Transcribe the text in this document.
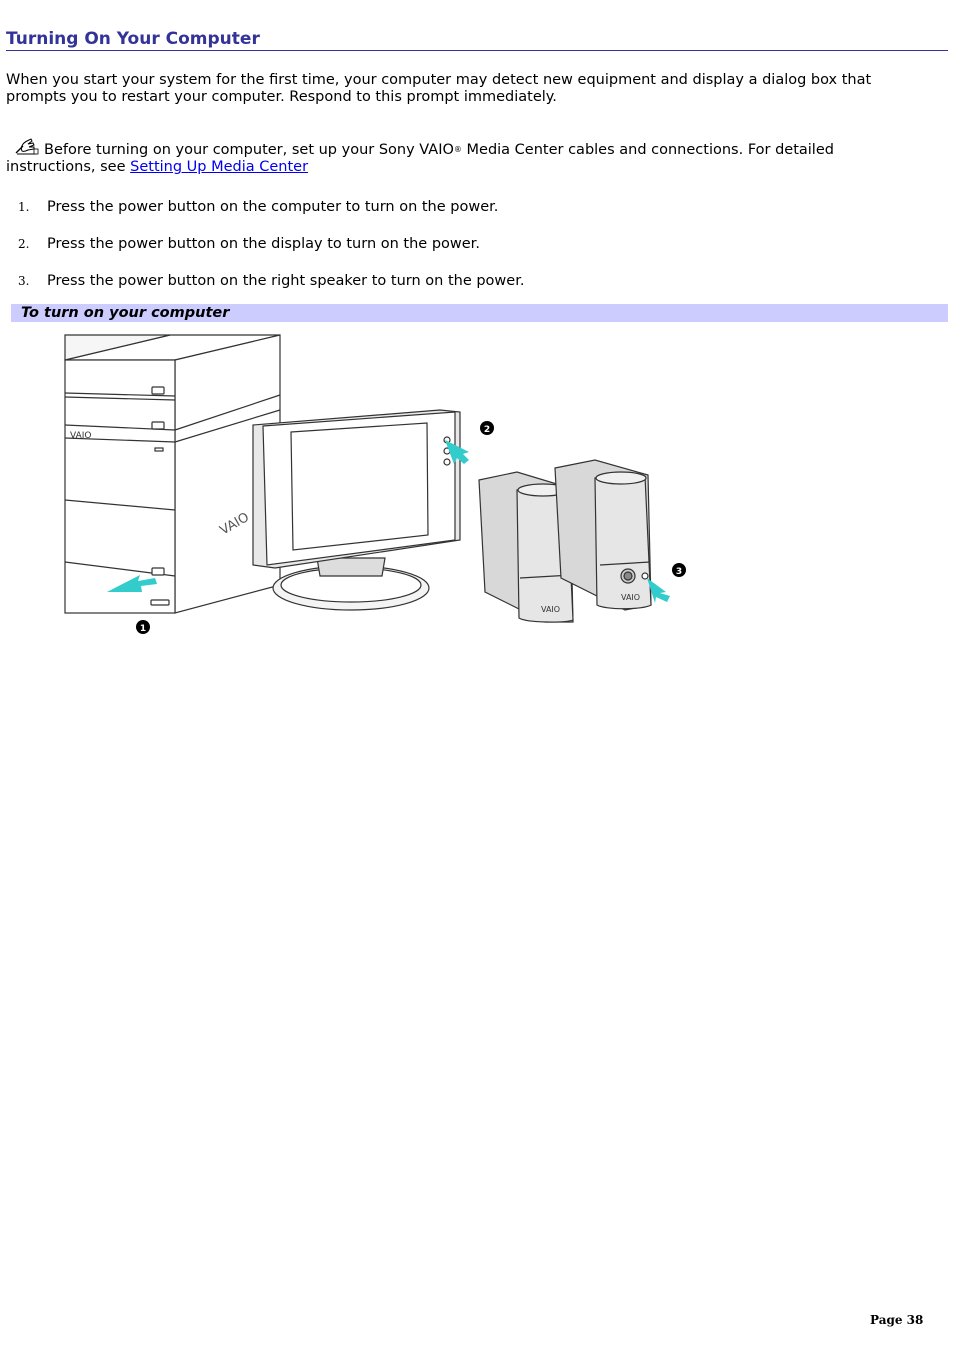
Turning On Your Computer
When you start your system for the first time, your computer may detect new equipment and display a dialog box that prompts you to restart your computer. Respond to this prompt immediately.
Before turning on your computer, set up your Sony VAIO® Media Center cables and connections. For detailed instructions, see Setting Up Media Center
1. Press the power button on the computer to turn on the power.
2. Press the power button on the display to turn on the power.
3. Press the power button on the right speaker to turn on the power.
To turn on your computer
VAIO
VAIO
VAIO
VAIO
1
2
3
Page 38
